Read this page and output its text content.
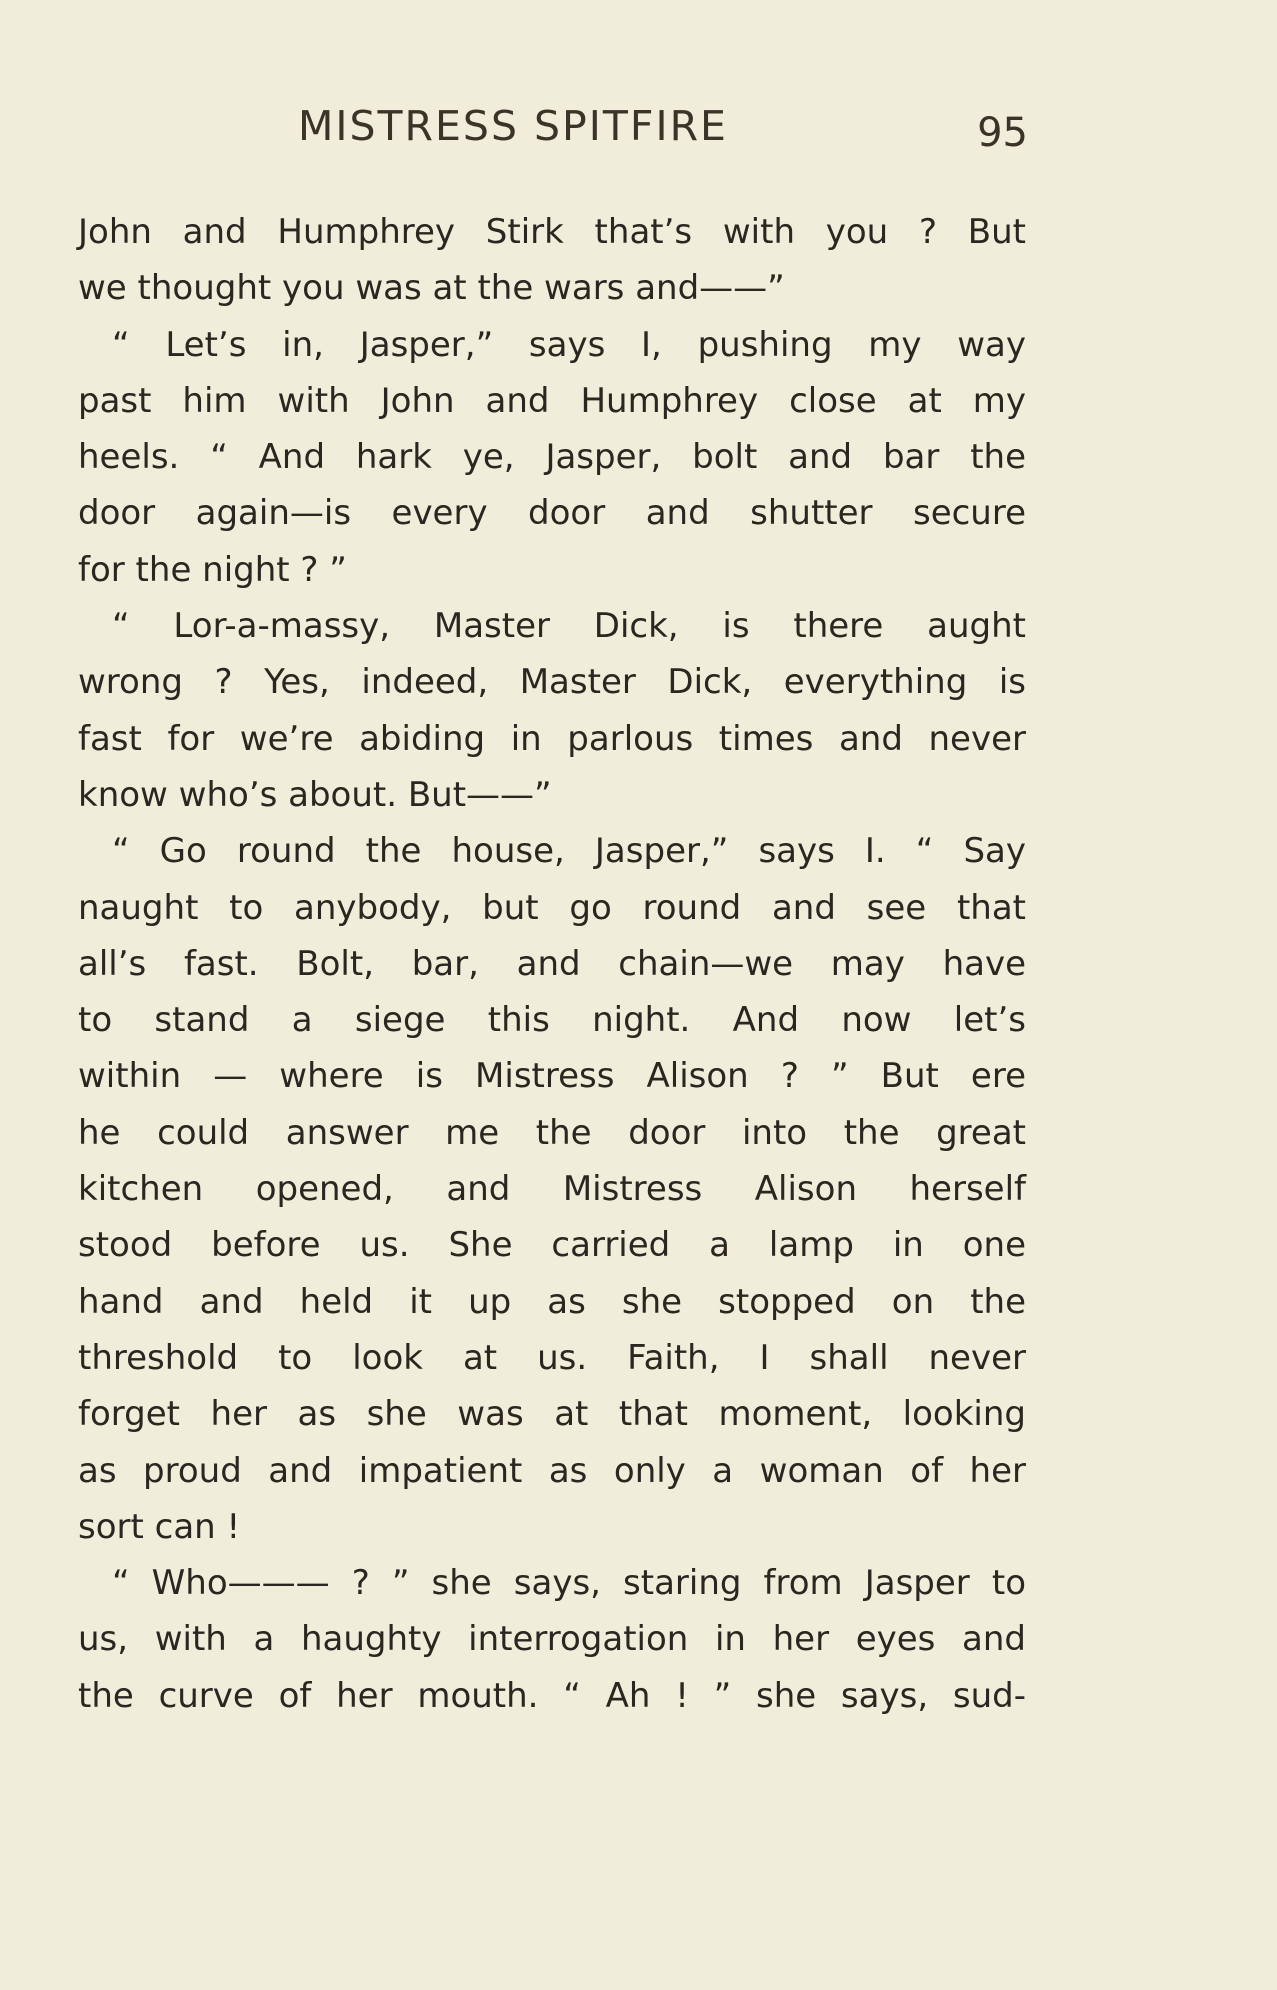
MISTRESS SPITFIRE	95
John and Humphrey Stirk that’s with you ? But
we thought you was at the wars and——”
“ Let’s in, Jasper,” says I, pushing my way
past him with John and Humphrey close at my
heels. “ And hark ye, Jasper, bolt and bar the
door again—is every door and shutter secure
for the night ? ”
“ Lor-a-massy, Master Dick, is there aught
wrong ? Yes, indeed, Master Dick, everything is
fast for we’re abiding in parlous times and never
know who’s about. But——”
“ Go round the house, Jasper,” says I. “ Say
naught to anybody, but go round and see that
all’s fast. Bolt, bar, and chain—we may have
to stand a siege this night. And now let’s
within — where is Mistress Alison ? ” But ere
he could answer me the door into the great
kitchen opened, and Mistress Alison herself
stood before us. She carried a lamp in one
hand and held it up as she stopped on the
threshold to look at us. Faith, I shall never
forget her as she was at that moment, looking
as proud and impatient as only a woman of her
sort can !
“ Who——— ? ” she says, staring from Jasper to
us, with a haughty interrogation in her eyes and
the curve of her mouth. “ Ah ! ” she says, sud-
